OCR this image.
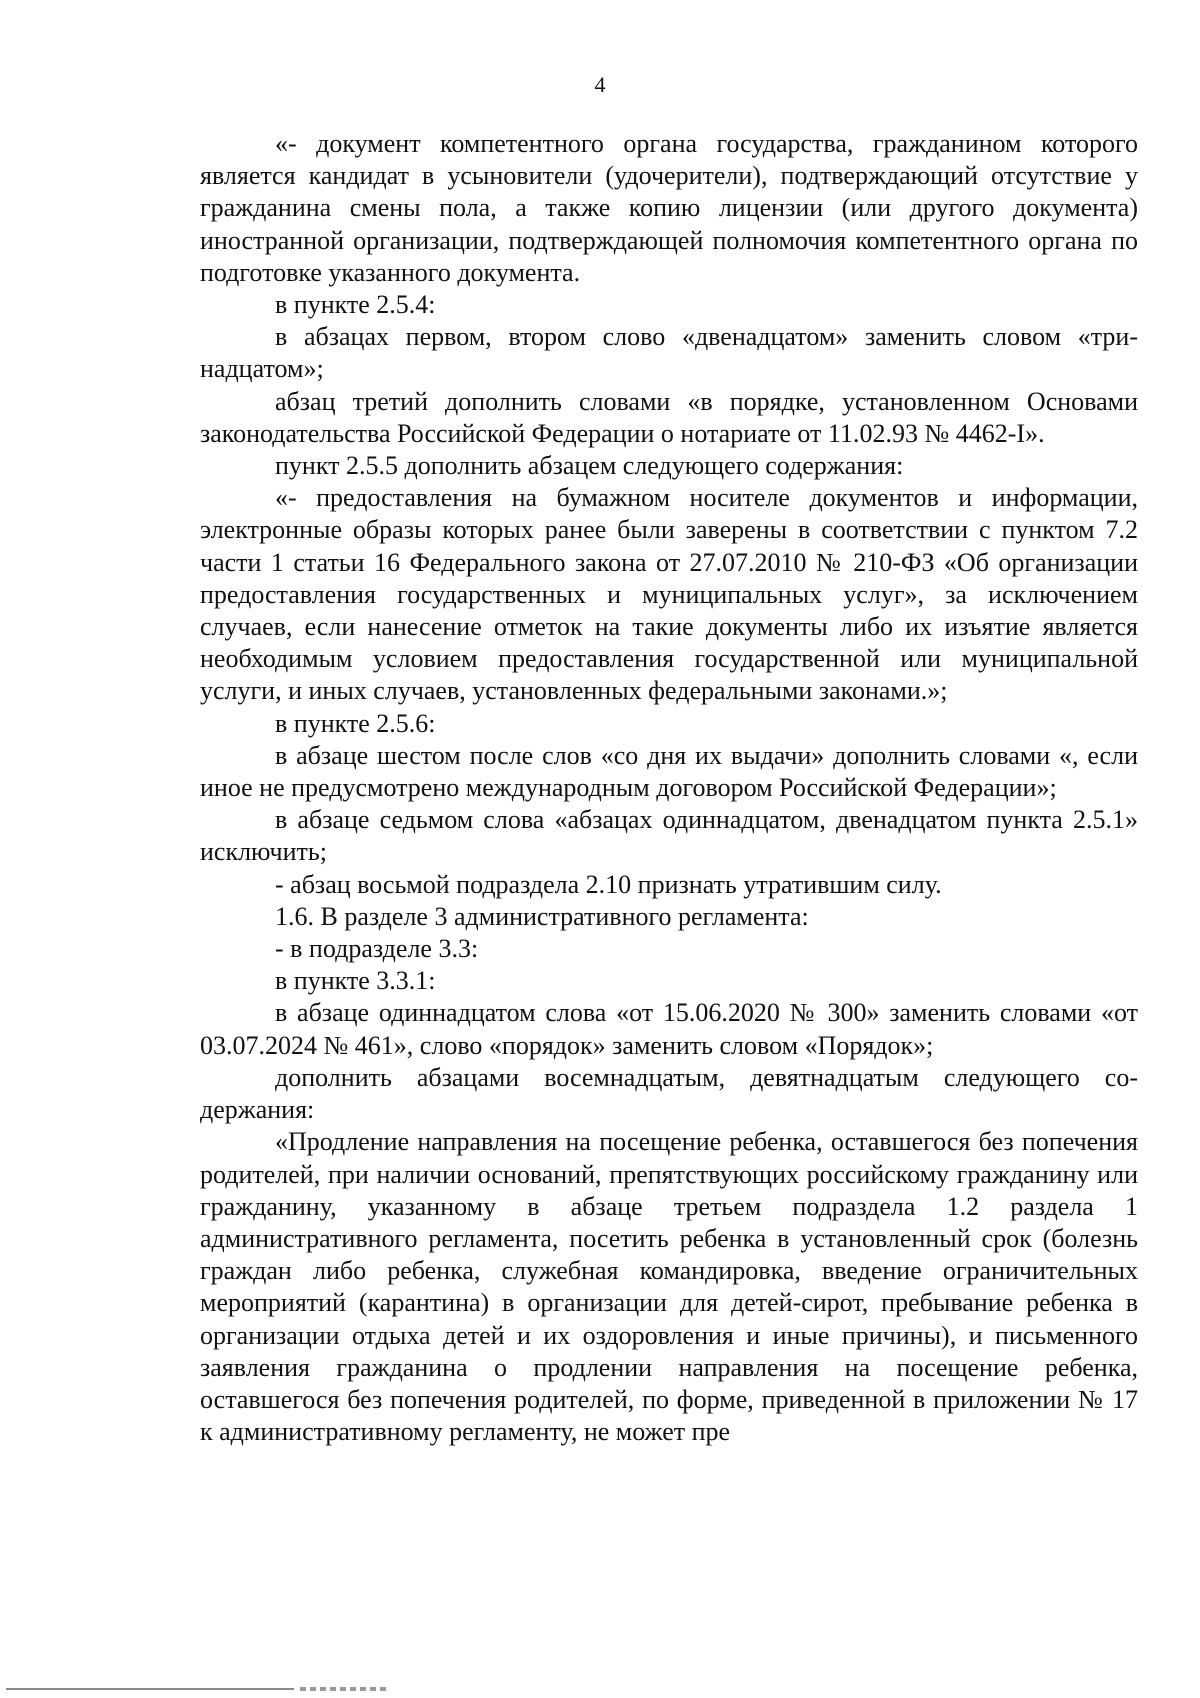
4

«- документ компетентного органа государства, гражданином которого является кандидат в усыновители (удочерители), подтверждающий отсутствие у гражданина смены пола, а также копию лицензии (или другого документа) иностранной организации, подтверждающей полномочия компетентного органа по подготовке указанного документа.

в пункте 2.5.4:

в абзацах первом, втором слово «двенадцатом» заменить словом «тринадцатом»;

абзац третий дополнить словами «в порядке, установленном Основами законодательства Российской Федерации о нотариате от 11.02.93 № 4462-I».

пункт 2.5.5 дополнить абзацем следующего содержания:

«- предоставления на бумажном носителе документов и информации, электронные образы которых ранее были заверены в соответствии с пунктом 7.2 части 1 статьи 16 Федерального закона от 27.07.2010 № 210-ФЗ «Об организации предоставления государственных и муниципальных услуг», за исключением случаев, если нанесение отметок на такие документы либо их изъятие является необходимым условием предоставления государственной или муниципальной услуги, и иных случаев, установленных федеральными законами.»;

в пункте 2.5.6:

в абзаце шестом после слов «со дня их выдачи» дополнить словами «, если иное не предусмотрено международным договором Российской Федерации»;

в абзаце седьмом слова «абзацах одиннадцатом, двенадцатом пункта 2.5.1» исключить;

- абзац восьмой подраздела 2.10 признать утратившим силу.

1.6. В разделе 3 административного регламента:

- в подразделе 3.3:

в пункте 3.3.1:

в абзаце одиннадцатом слова «от 15.06.2020 № 300» заменить словами «от 03.07.2024 № 461», слово «порядок» заменить словом «Порядок»;

дополнить абзацами восемнадцатым, девятнадцатым следующего содержания:

«Продление направления на посещение ребенка, оставшегося без попечения родителей, при наличии оснований, препятствующих российскому гражданину или гражданину, указанному в абзаце третьем подраздела 1.2 раздела 1 административного регламента, посетить ребенка в установленный срок (болезнь граждан либо ребенка, служебная командировка, введение ограничительных мероприятий (карантина) в организации для детей-сирот, пребывание ребенка в организации отдыха детей и их оздоровления и иные причины), и письменного заявления гражданина о продлении направления на посещение ребенка, оставшегося без попечения родителей, по форме, приведенной в приложении № 17 к административному регламенту, не может пре
